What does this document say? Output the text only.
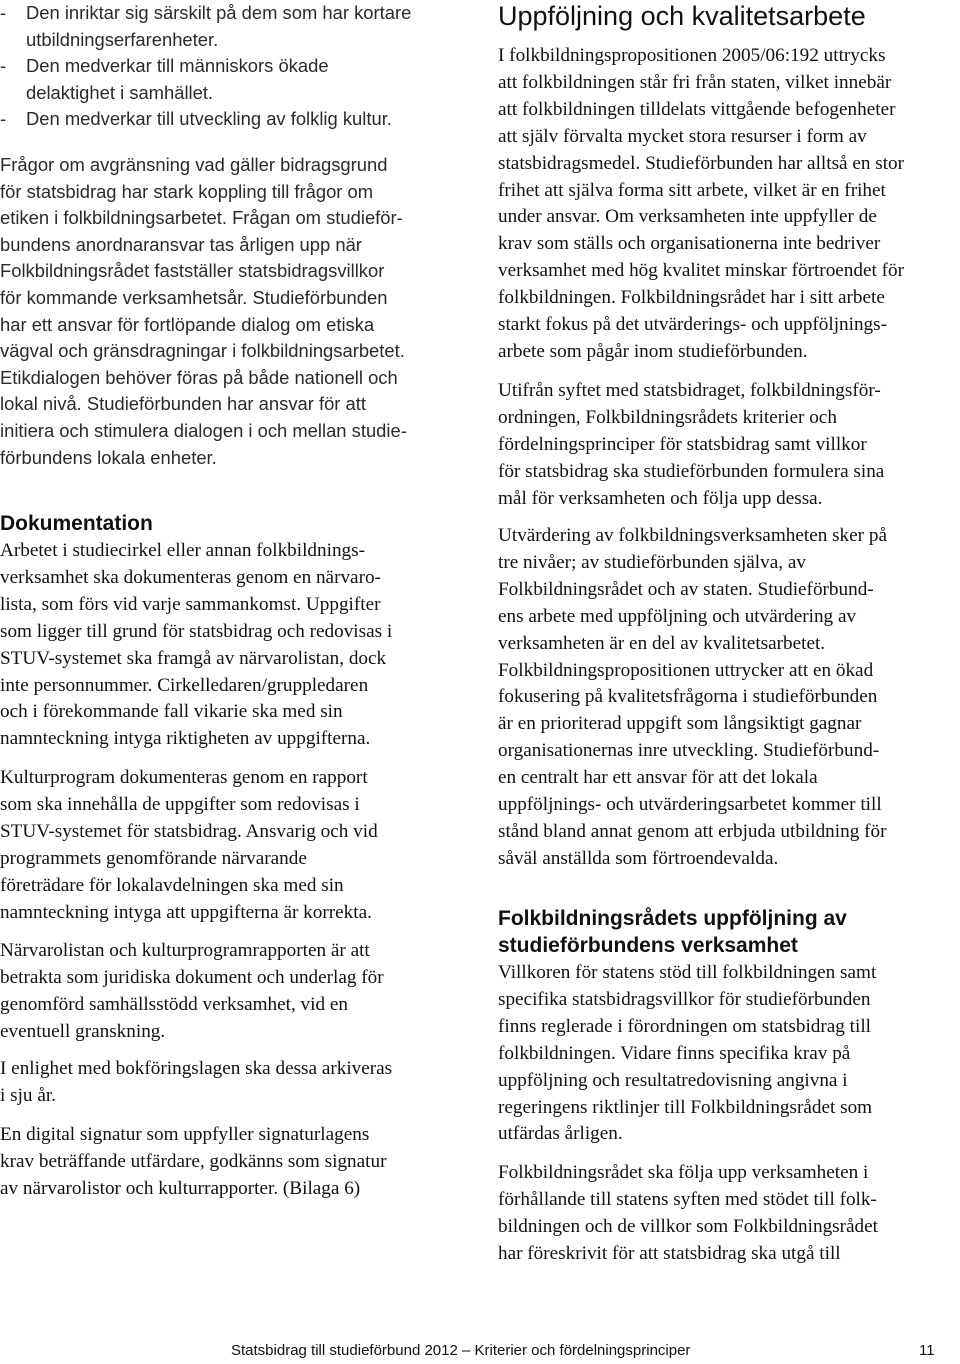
- Den inriktar sig särskilt på dem som har kortare
utbildningserfarenheter.
- Den medverkar till människors ökade
delaktighet i samhället.
- Den medverkar till utveckling av folklig kultur.

Frågor om avgränsning vad gäller bidragsgrund
för statsbidrag har stark koppling till frågor om
etiken i folkbildningsarbetet. Frågan om studieför-
bundens anordnaransvar tas årligen upp när
Folkbildningsrådet fastställer statsbidragsvillkor
för kommande verksamhetsår. Studieförbunden
har ett ansvar för fortlöpande dialog om etiska
vägval och gränsdragningar i folkbildningsarbetet.
Etikdialogen behöver föras på både nationell och
lokal nivå. Studieförbunden har ansvar för att
initiera och stimulera dialogen i och mellan studie-
förbundens lokala enheter.

Dokumentation

Arbetet i studiecirkel eller annan folkbildnings-
verksamhet ska dokumenteras genom en närvaro-
lista, som förs vid varje sammankomst. Uppgifter
som ligger till grund för statsbidrag och redovisas i
STUV-systemet ska framgå av närvarolistan, dock
inte personnummer. Cirkelledaren/gruppledaren
och i förekommande fall vikarie ska med sin
namnteckning intyga riktigheten av uppgifterna.

Kulturprogram dokumenteras genom en rapport
som ska innehålla de uppgifter som redovisas i
STUV-systemet för statsbidrag. Ansvarig och vid
programmets genomförande närvarande
företrädare för lokalavdelningen ska med sin
namnteckning intyga att uppgifterna är korrekta.

Närvarolistan och kulturprogramrapporten är att
betrakta som juridiska dokument och underlag för
genomförd samhällsstödd verksamhet, vid en
eventuell granskning.

I enlighet med bokföringslagen ska dessa arkiveras
i sju år.

En digital signatur som uppfyller signaturlagens
krav beträffande utfärdare, godkänns som signatur
av närvarolistor och kulturrapporter. (Bilaga 6)

Uppföljning och kvalitetsarbete

I folkbildningspropositionen 2005/06:192 uttrycks
att folkbildningen står fri från staten, vilket innebär
att folkbildningen tilldelats vittgående befogenheter
att själv förvalta mycket stora resurser i form av
statsbidragsmedel. Studieförbunden har alltså en stor
frihet att själva forma sitt arbete, vilket är en frihet
under ansvar. Om verksamheten inte uppfyller de
krav som ställs och organisationerna inte bedriver
verksamhet med hög kvalitet minskar förtroendet för
folkbildningen. Folkbildningsrådet har i sitt arbete
starkt fokus på det utvärderings- och uppföljnings-
arbete som pågår inom studieförbunden.

Utifrån syftet med statsbidraget, folkbildningsför-
ordningen, Folkbildningsrådets kriterier och
fördelningsprinciper för statsbidrag samt villkor
för statsbidrag ska studieförbunden formulera sina
mål för verksamheten och följa upp dessa.

Utvärdering av folkbildningsverksamheten sker på
tre nivåer; av studieförbunden själva, av
Folkbildningsrådet och av staten. Studieförbund-
ens arbete med uppföljning och utvärdering av
verksamheten är en del av kvalitetsarbetet.
Folkbildningspropositionen uttrycker att en ökad
fokusering på kvalitetsfrågorna i studieförbunden
är en prioriterad uppgift som långsiktigt gagnar
organisationernas inre utveckling. Studieförbund-
en centralt har ett ansvar för att det lokala
uppföljnings- och utvärderingsarbetet kommer till
stånd bland annat genom att erbjuda utbildning för
såväl anställda som förtroendevalda.

Folkbildningsrådets uppföljning av
studieförbundens verksamhet

Villkoren för statens stöd till folkbildningen samt
specifika statsbidragsvillkor för studieförbunden
finns reglerade i förordningen om statsbidrag till
folkbildningen. Vidare finns specifika krav på
uppföljning och resultatredovisning angivna i
regeringens riktlinjer till Folkbildningsrådet som
utfärdas årligen.

Folkbildningsrådet ska följa upp verksamheten i
förhållande till statens syften med stödet till folk-
bildningen och de villkor som Folkbildningsrådet
har föreskrivit för att statsbidrag ska utgå till

Statsbidrag till studieförbund 2012 – Kriterier och fördelningsprinciper	11
